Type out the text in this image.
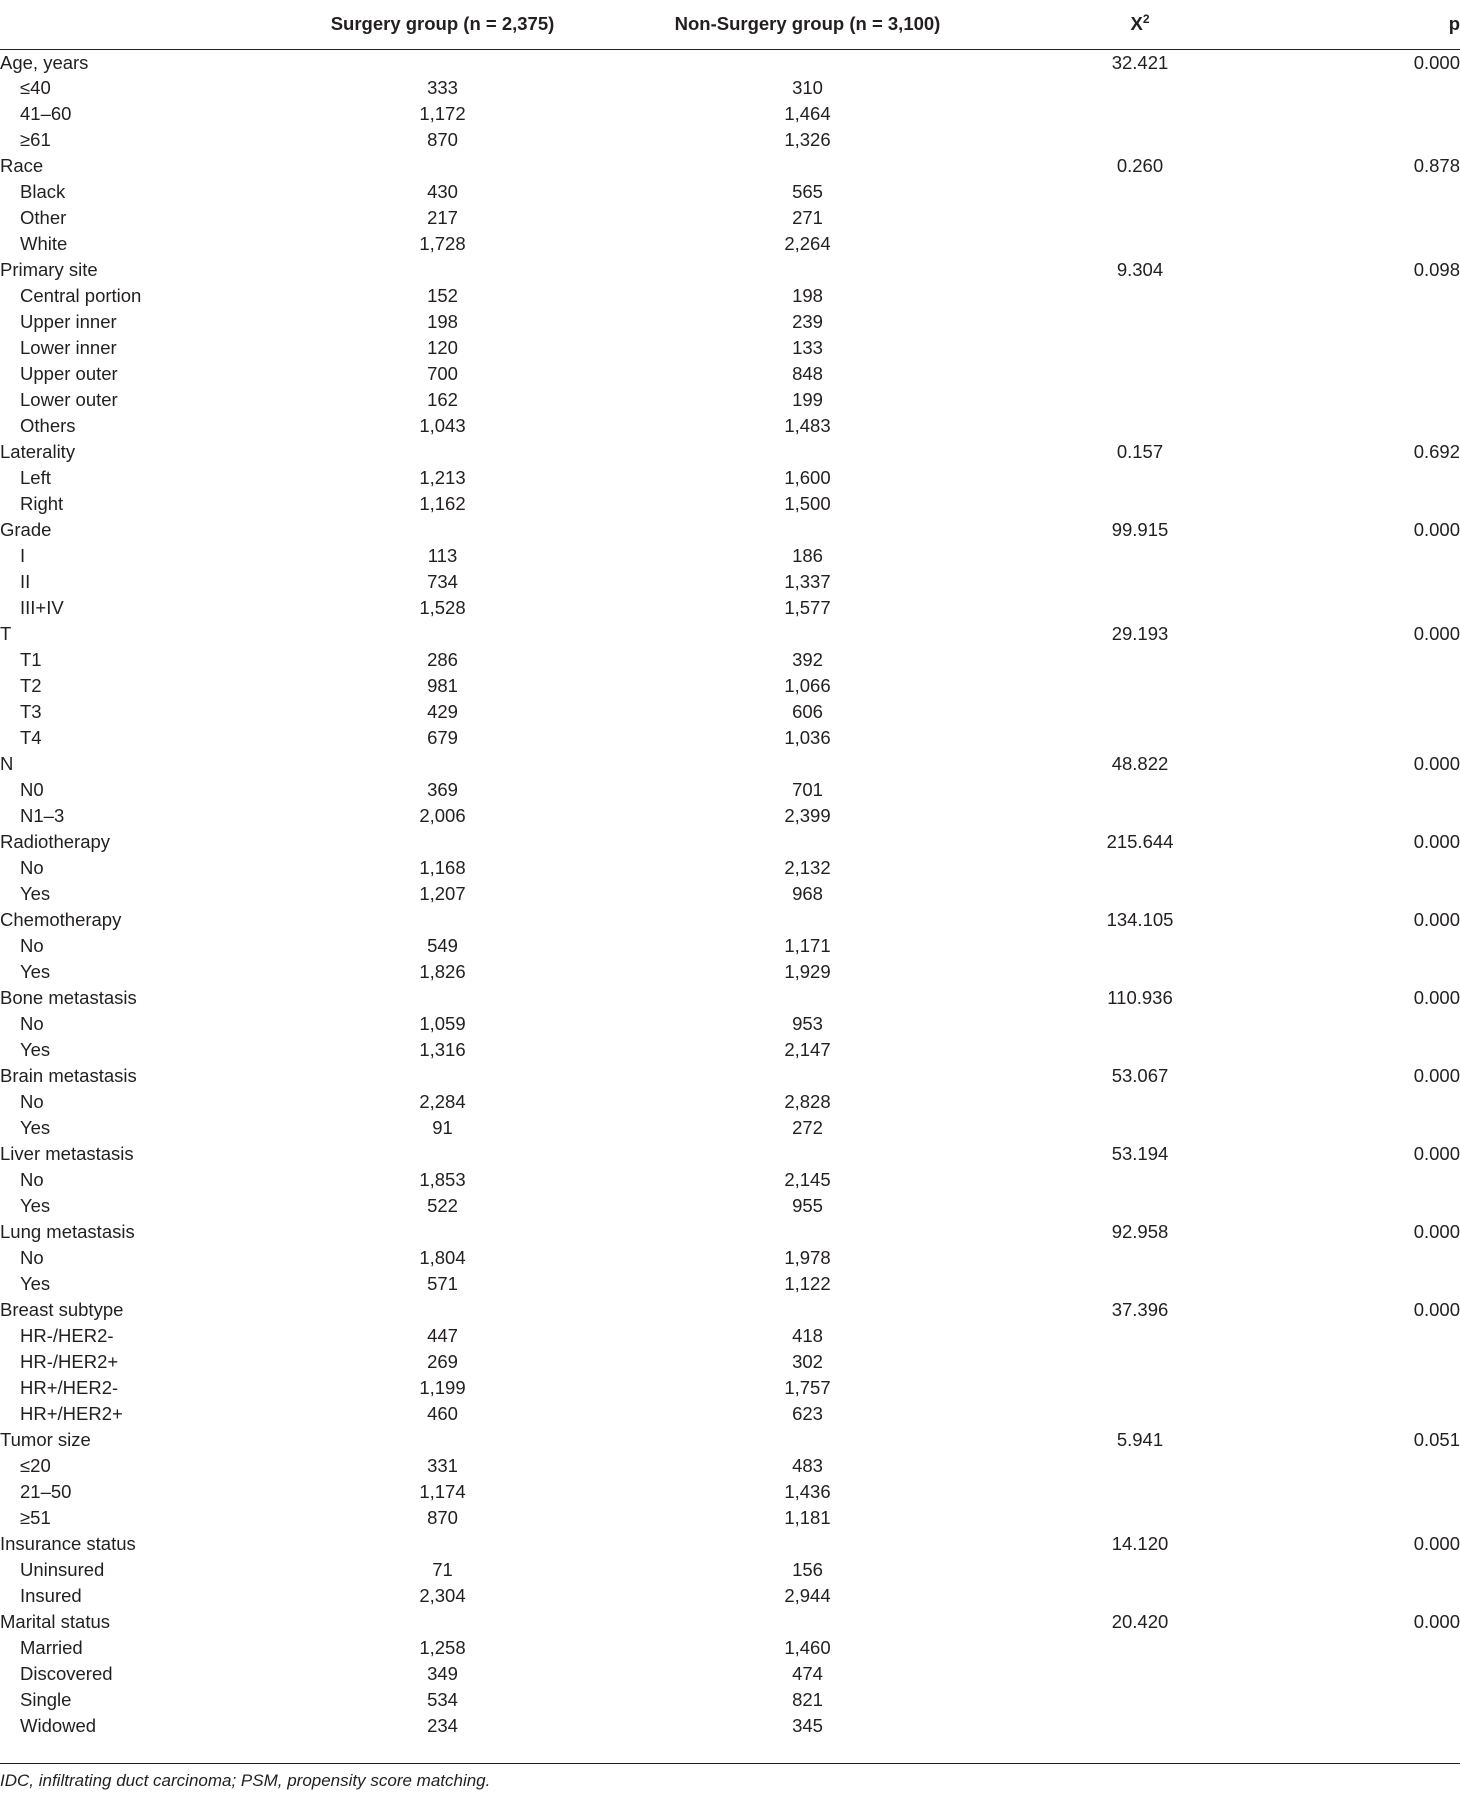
	Surgery group (n = 2,375)	Non-Surgery group (n = 3,100)	$X^2$	p
Age, years			32.421	0.000
≤40	333	310		
41–60	1,172	1,464		
≥61	870	1,326		
Race			0.260	0.878
Black	430	565		
Other	217	271		
White	1,728	2,264		
Primary site			9.304	0.098
Central portion	152	198		
Upper inner	198	239		
Lower inner	120	133		
Upper outer	700	848		
Lower outer	162	199		
Others	1,043	1,483		
Laterality			0.157	0.692
Left	1,213	1,600		
Right	1,162	1,500		
Grade			99.915	0.000
I	113	186		
II	734	1,337		
III+IV	1,528	1,577		
T			29.193	0.000
T1	286	392		
T2	981	1,066		
T3	429	606		
T4	679	1,036		
N			48.822	0.000
N0	369	701		
N1–3	2,006	2,399		
Radiotherapy			215.644	0.000
No	1,168	2,132		
Yes	1,207	968		
Chemotherapy			134.105	0.000
No	549	1,171		
Yes	1,826	1,929		
Bone metastasis			110.936	0.000
No	1,059	953		
Yes	1,316	2,147		
Brain metastasis			53.067	0.000
No	2,284	2,828		
Yes	91	272		
Liver metastasis			53.194	0.000
No	1,853	2,145		
Yes	522	955		
Lung metastasis			92.958	0.000
No	1,804	1,978		
Yes	571	1,122		
Breast subtype			37.396	0.000
HR-/HER2-	447	418		
HR-/HER2+	269	302		
HR+/HER2-	1,199	1,757		
HR+/HER2+	460	623		
Tumor size			5.941	0.051
≤20	331	483		
21–50	1,174	1,436		
≥51	870	1,181		
Insurance status			14.120	0.000
Uninsured	71	156		
Insured	2,304	2,944		
Marital status			20.420	0.000
Married	1,258	1,460		
Discovered	349	474		
Single	534	821		
Widowed	234	345		
IDC, infiltrating duct carcinoma; PSM, propensity score matching.
